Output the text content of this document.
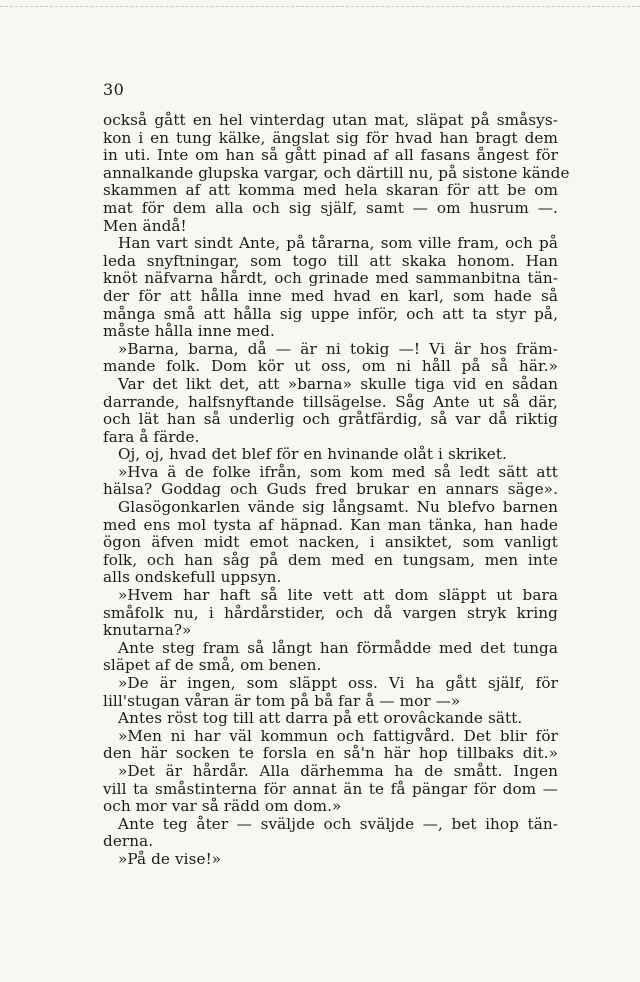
30
också gått en hel vinterdag utan mat, släpat på småsys-
kon i en tung kälke, ängslat sig för hvad han bragt dem
in uti. Inte om han så gått pinad af all fasans ångest för
annalkande glupska vargar, och därtill nu, på sistone kände
skammen af att komma med hela skaran för att be om
mat för dem alla och sig själf, samt — om husrum —.
Men ändå!
Han vart sindt Ante, på tårarna, som ville fram, och på
leda snyftningar, som togo till att skaka honom. Han
knöt näfvarna hårdt, och grinade med sammanbitna tän-
der för att hålla inne med hvad en karl, som hade så
många små att hålla sig uppe inför, och att ta styr på,
måste hålla inne med.
»Barna, barna, då — är ni tokig —! Vi är hos främ-
mande folk. Dom kör ut oss, om ni håll på så här.»
Var det likt det, att »barna» skulle tiga vid en sådan
darrande, halfsnyftande tillsägelse. Såg Ante ut så där,
och lät han så underlig och gråtfärdig, så var då riktig
fara å färde.
Oj, oj, hvad det blef för en hvinande olåt i skriket.
»Hva ä de folke ifrån, som kom med så ledt sätt att
hälsa? Goddag och Guds fred brukar en annars säge».
Glasögonkarlen vände sig långsamt. Nu blefvo barnen
med ens mol tysta af häpnad. Kan man tänka, han hade
ögon äfven midt emot nacken, i ansiktet, som vanligt
folk, och han såg på dem med en tungsam, men inte
alls ondskefull uppsyn.
»Hvem har haft så lite vett att dom släppt ut bara
småfolk nu, i hårdårstider, och då vargen stryk kring
knutarna?»
Ante steg fram så långt han förmådde med det tunga
släpet af de små, om benen.
»De är ingen, som släppt oss. Vi ha gått själf, för
lill'stugan våran är tom på bå far å — mor —»
Antes röst tog till att darra på ett orovâckande sätt.
»Men ni har väl kommun och fattigvård. Det blir för
den här socken te forsla en så'n här hop tillbaks dit.»
»Det är hårdår. Alla därhemma ha de smått. Ingen
vill ta småstinterna för annat än te få pängar för dom —
och mor var så rädd om dom.»
Ante teg åter — sväljde och sväljde —, bet ihop tän-
derna.
»På de vise!»
